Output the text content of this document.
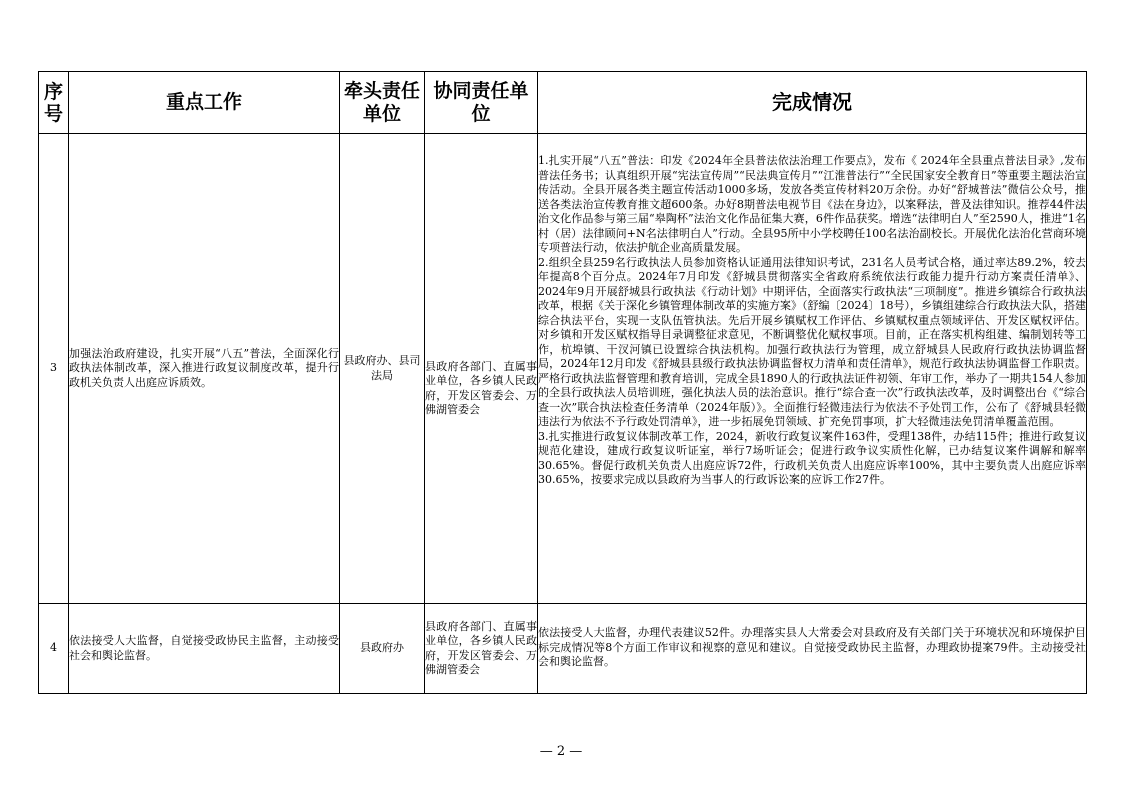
序号	重点工作	牵头责任单位	协同责任单位	完成情况
3	加强法治政府建设，扎实开展“八五”普法，全面深化行政执法体制改革，深入推进行政复议制度改革，提升行政机关负责人出庭应诉质效。	县政府办、县司法局	县政府各部门、直属事业单位，各乡镇人民政府，开发区管委会、万佛湖管委会	1.扎实开展“八五”普法：印发《2024年全县普法依法治理工作要点》，发布《 2024年全县重点普法目录》,发布普法任务书；认真组织开展“宪法宣传周”“民法典宣传月”“江淮普法行”“全民国家安全教育日”等重要主题法治宣传活动。全县开展各类主题宣传活动1000多场，发放各类宣传材料20万余份。办好“舒城普法”微信公众号，推送各类法治宣传教育推文超600条。办好8期普法电视节目《法在身边》，以案释法，普及法律知识。推荐44件法治文化作品参与第三届“皋陶杯”法治文化作品征集大赛，6件作品获奖。增选“法律明白人”至2590人，推进“1名村（居）法律顾问+N名法律明白人”行动。全县95所中小学校聘任100名法治副校长。开展优化法治化营商环境专项普法行动，依法护航企业高质量发展。

2.组织全县259名行政执法人员参加资格认证通用法律知识考试，231名人员考试合格，通过率达89.2%，较去年提高8个百分点。2024年7月印发《舒城县贯彻落实全省政府系统依法行政能力提升行动方案责任清单》、2024年9月开展舒城县行政执法《行动计划》中期评估，全面落实行政执法“三项制度”。推进乡镇综合行政执法改革，根据《关于深化乡镇管理体制改革的实施方案》（舒编〔2024〕18号），乡镇组建综合行政执法大队，搭建综合执法平台，实现一支队伍管执法。先后开展乡镇赋权工作评估、乡镇赋权重点领域评估、开发区赋权评估。对乡镇和开发区赋权指导目录调整征求意见，不断调整优化赋权事项。目前，正在落实机构组建、编制划转等工作，杭埠镇、干汊河镇已设置综合执法机构。加强行政执法行为管理，成立舒城县人民政府行政执法协调监督局，2024年12月印发《舒城县县级行政执法协调监督权力清单和责任清单》，规范行政执法协调监督工作职责。严格行政执法监督管理和教育培训，完成全县1890人的行政执法证件初领、年审工作，举办了一期共154人参加的全县行政执法人员培训班，强化执法人员的法治意识。推行“综合查一次”行政执法改革，及时调整出台《“综合查一次”联合执法检查任务清单（2024年版）》。全面推行轻微违法行为依法不予处罚工作，公布了《舒城县轻微违法行为依法不予行政处罚清单》，进一步拓展免罚领域、扩充免罚事项，扩大轻微违法免罚清单覆盖范围。

3.扎实推进行政复议体制改革工作，2024，新收行政复议案件163件，受理138件，办结115件；推进行政复议规范化建设，建成行政复议听证室，举行7场听证会；促进行政争议实质性化解，已办结复议案件调解和解率30.65%。督促行政机关负责人出庭应诉72件，行政机关负责人出庭应诉率100%，其中主要负责人出庭应诉率30.65%，按要求完成以县政府为当事人的行政诉讼案的应诉工作27件。

4	依法接受人大监督，自觉接受政协民主监督，主动接受社会和舆论监督。	县政府办	县政府各部门、直属事业单位，各乡镇人民政府，开发区管委会、万佛湖管委会	依法接受人大监督，办理代表建议52件。办理落实县人大常委会对县政府及有关部门关于环境状况和环境保护目标完成情况等8个方面工作审议和视察的意见和建议。自觉接受政协民主监督，办理政协提案79件。主动接受社会和舆论监督。

— 2 —
